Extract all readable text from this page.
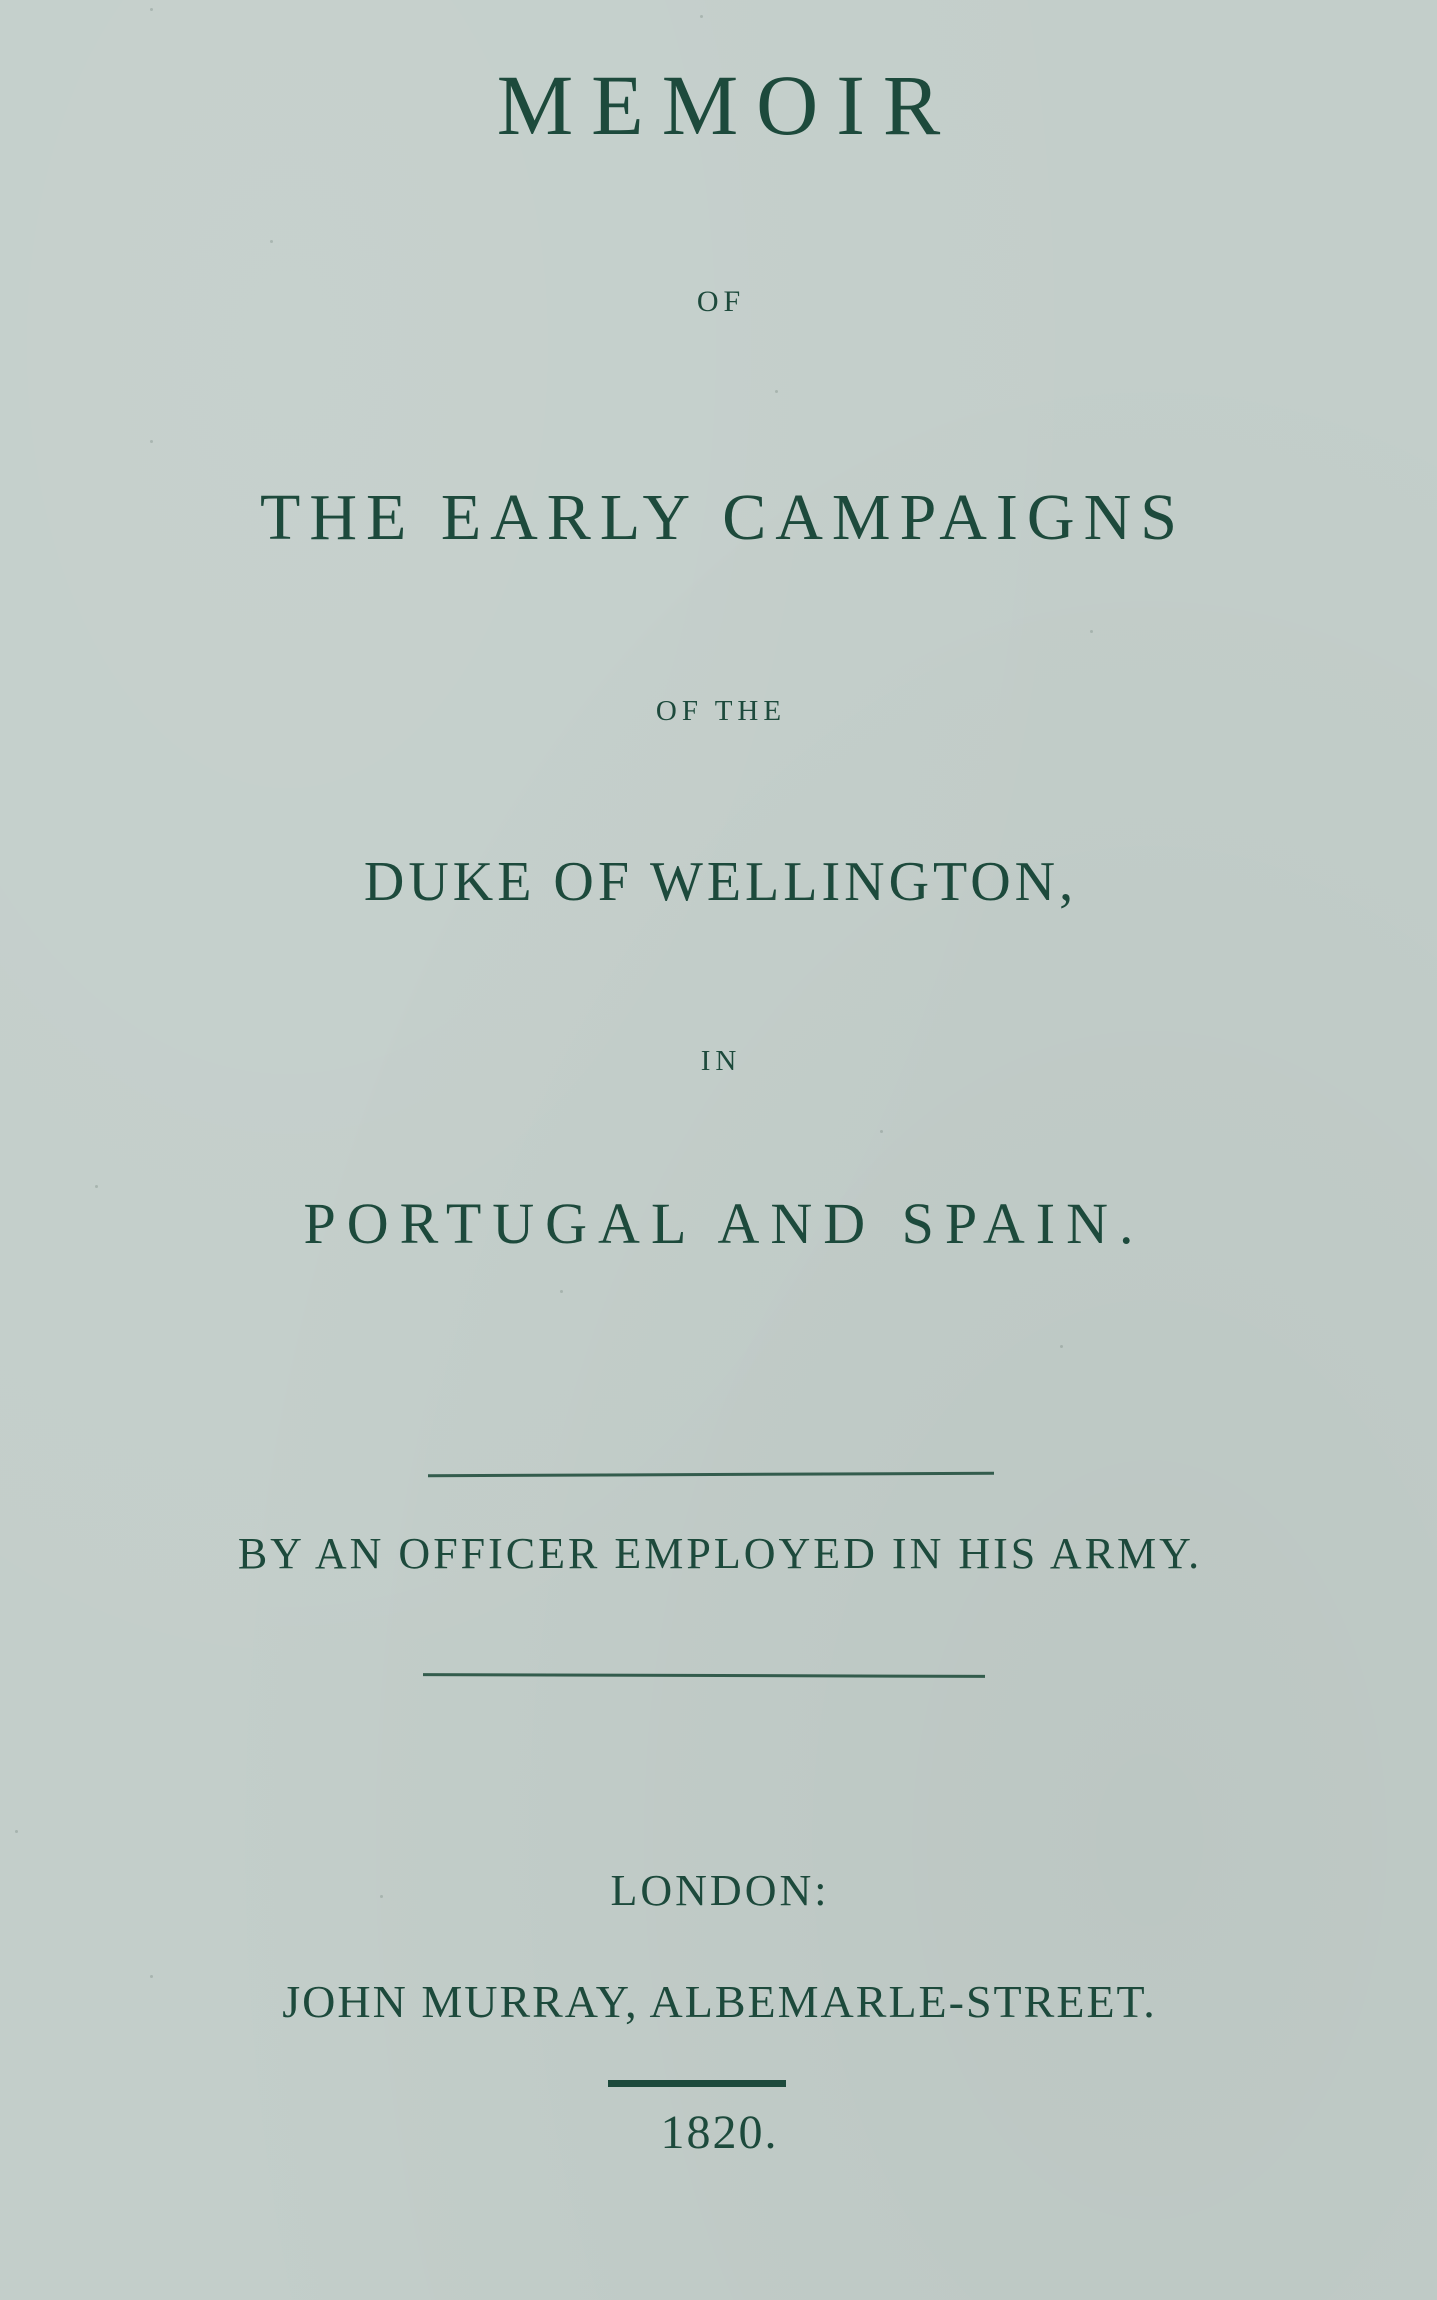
MEMOIR
OF
THE EARLY CAMPAIGNS
OF THE
DUKE OF WELLINGTON,
IN
PORTUGAL AND SPAIN.
BY AN OFFICER EMPLOYED IN HIS ARMY.
LONDON:
JOHN MURRAY, ALBEMARLE-STREET.
1820.
